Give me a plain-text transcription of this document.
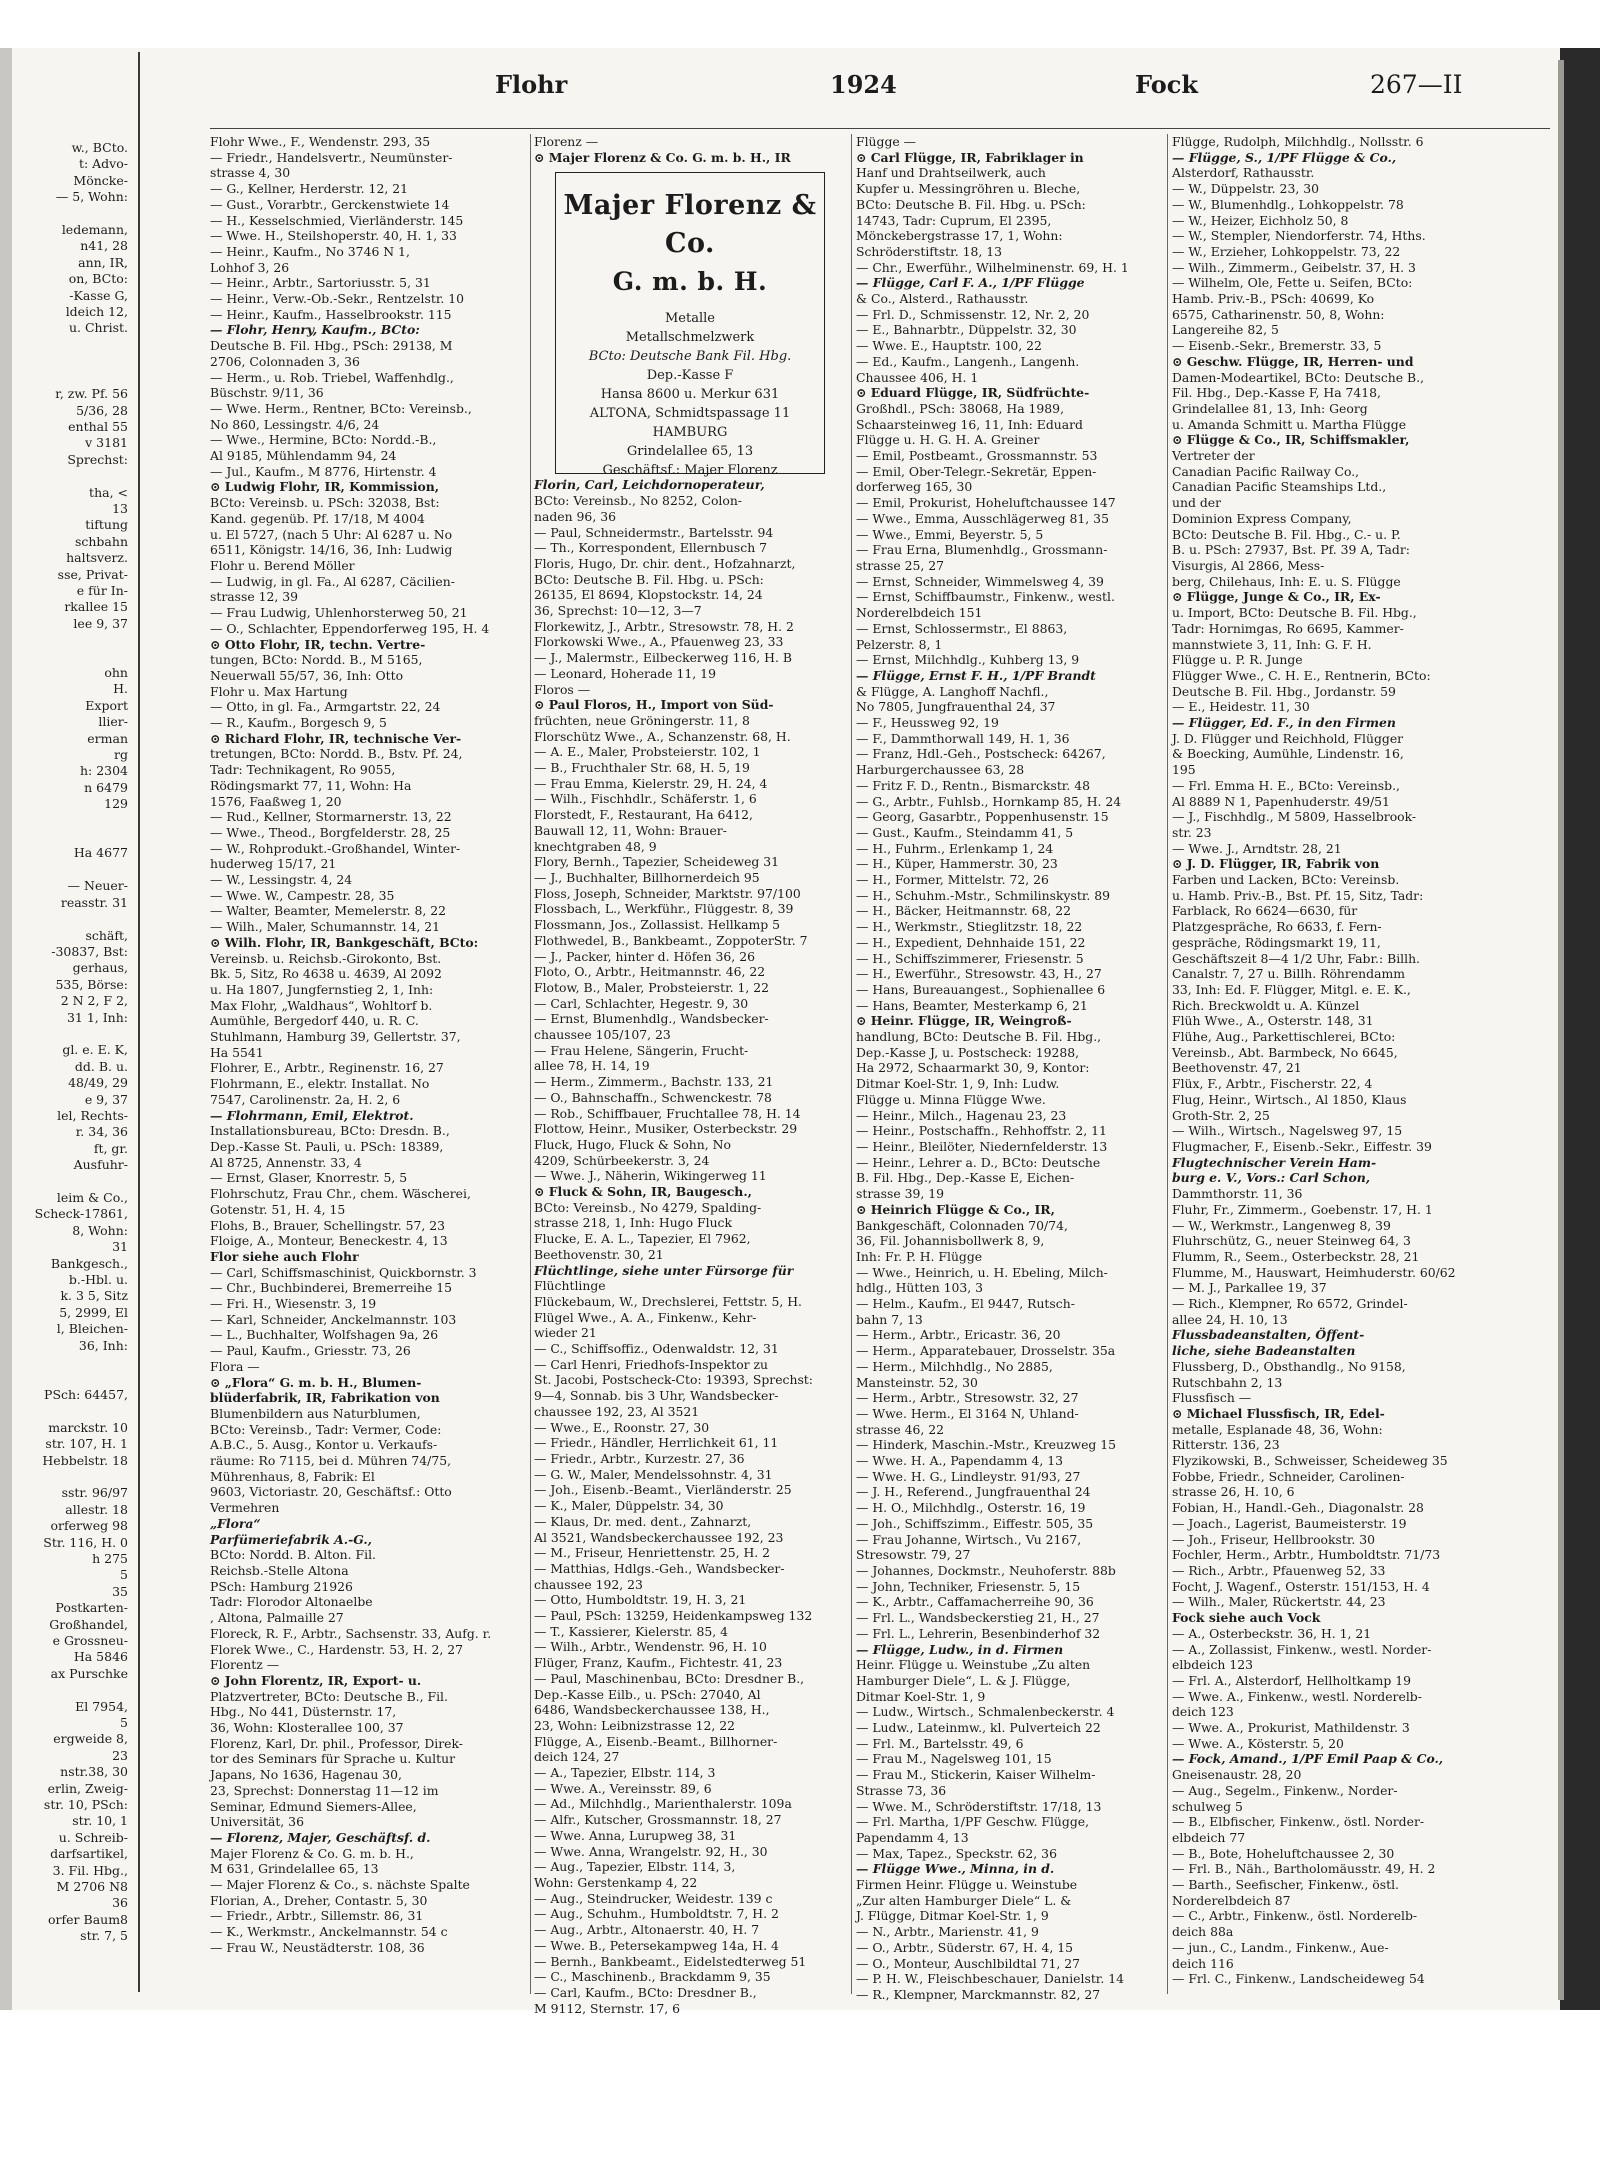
w., BCto.
t: Advo-
Möncke-
— 5, Wohn:

ledemann,
n41, 28
ann, IR,
on, BCto:
-Kasse G,
ldeich 12,
u. Christ.

r, zw. Pf. 56
5/36, 28
enthal 55
v 3181
Sprechst:

tha, <
13
tiftung
schbahn
haltsverz.
sse, Privat-
e für In-
rkallee 15
lee 9, 37

ohn
H.
Export
llier-
erman
rg
h: 2304
n 6479
129

Ha 4677

— Neuer-
reasstr. 31

schäft,
-30837, Bst:
gerhaus,
535, Börse:
2 N 2, F 2,
31 1, Inh:

gl. e. E. K,
dd. B. u.
48/49, 29
e 9, 37
lel, Rechts-
r. 34, 36
ft, gr.
Ausfuhr-

leim & Co.,
Scheck-17861,
8, Wohn:
31
Bankgesch.,
b.-Hbl. u.
k. 3 5, Sitz
5, 2999, El
l, Bleichen-
36, Inh:

PSch: 64457,

marckstr. 10
str. 107, H. 1
Hebbelstr. 18

sstr. 96/97
allestr. 18
orferweg 98
Str. 116, H. 0
h 275
5
35
Postkarten-
Großhandel,
e Grossneu-
Ha 5846
ax Purschke

El 7954,
5
ergweide 8,
23
nstr.38, 30
erlin, Zweig-
str. 10, PSch:
str. 10, 1
u. Schreib-
darfsartikel,
3. Fil. Hbg.,
M 2706 N8
36
orfer Baum8
str. 7, 5
Flohr	1924	Fock	267—II
Flohr Wwe., F., Wendenstr. 293, 35
— Friedr., Handelsvertr., Neumünster-
strasse 4, 30
— G., Kellner, Herderstr. 12, 21
— Gust., Vorarbtr., Gerckenstwiete 14
— H., Kesselschmied, Vierländerstr. 145
— Wwe. H., Steilshoperstr. 40, H. 1, 33
— Heinr., Kaufm., No 3746 N 1,
Lohhof 3, 26
— Heinr., Arbtr., Sartoriusstr. 5, 31
— Heinr., Verw.-Ob.-Sekr., Rentzelstr. 10
— Heinr., Kaufm., Hasselbrookstr. 115
— Flohr, Henry, Kaufm., BCto:
Deutsche B. Fil. Hbg., PSch: 29138, M
2706, Colonnaden 3, 36
— Herm., u. Rob. Triebel, Waffenhdlg.,
Büschstr. 9/11, 36
— Wwe. Herm., Rentner, BCto: Vereinsb.,
No 860, Lessingstr. 4/6, 24
— Wwe., Hermine, BCto: Nordd.-B.,
Al 9185, Mühlendamm 94, 24
— Jul., Kaufm., M 8776, Hirtenstr. 4
⊙ Ludwig Flohr, IR, Kommission,
BCto: Vereinsb. u. PSch: 32038, Bst:
Kand. gegenüb. Pf. 17/18, M 4004
u. El 5727, (nach 5 Uhr: Al 6287 u. No
6511, Königstr. 14/16, 36, Inh: Ludwig
Flohr u. Berend Möller
— Ludwig, in gl. Fa., Al 6287, Cäcilien-
strasse 12, 39
— Frau Ludwig, Uhlenhorsterweg 50, 21
— O., Schlachter, Eppendorferweg 195, H. 4
⊙ Otto Flohr, IR, techn. Vertre-
tungen, BCto: Nordd. B., M 5165,
Neuerwall 55/57, 36, Inh: Otto
Flohr u. Max Hartung
— Otto, in gl. Fa., Armgartstr. 22, 24
— R., Kaufm., Borgesch 9, 5
⊙ Richard Flohr, IR, technische Ver-
tretungen, BCto: Nordd. B., Bstv. Pf. 24,
Tadr: Technikagent, Ro 9055,
Rödingsmarkt 77, 11, Wohn: Ha
1576, Faaßweg 1, 20
— Rud., Kellner, Stormarnerstr. 13, 22
— Wwe., Theod., Borgfelderstr. 28, 25
— W., Rohprodukt.-Großhandel, Winter-
huderweg 15/17, 21
— W., Lessingstr. 4, 24
— Wwe. W., Campestr. 28, 35
— Walter, Beamter, Memelerstr. 8, 22
— Wilh., Maler, Schumannstr. 14, 21
⊙ Wilh. Flohr, IR, Bankgeschäft, BCto:
Vereinsb. u. Reichsb.-Girokonto, Bst.
Bk. 5, Sitz, Ro 4638 u. 4639, Al 2092
u. Ha 1807, Jungfernstieg 2, 1, Inh:
Max Flohr, „Waldhaus“, Wohltorf b.
Aumühle, Bergedorf 440, u. R. C.
Stuhlmann, Hamburg 39, Gellertstr. 37,
Ha 5541
Flohrer, E., Arbtr., Reginenstr. 16, 27
Flohrmann, E., elektr. Installat. No
7547, Carolinenstr. 2a, H. 2, 6
— Flohrmann, Emil, Elektrot.
Installationsbureau, BCto: Dresdn. B.,
Dep.-Kasse St. Pauli, u. PSch: 18389,
Al 8725, Annenstr. 33, 4
— Ernst, Glaser, Knorrestr. 5, 5
Flohrschutz, Frau Chr., chem. Wäscherei,
Gotenstr. 51, H. 4, 15
Flohs, B., Brauer, Schellingstr. 57, 23
Floige, A., Monteur, Beneckestr. 4, 13
Flor siehe auch Flohr
— Carl, Schiffsmaschinist, Quickbornstr. 3
— Chr., Buchbinderei, Bremerreihe 15
— Fri. H., Wiesenstr. 3, 19
— Karl, Schneider, Anckelmannstr. 103
— L., Buchhalter, Wolfshagen 9a, 26
— Paul, Kaufm., Griesstr. 73, 26
Flora —
⊙ „Flora“ G. m. b. H., Blumen-
blüderfabrik, IR, Fabrikation von
Blumenbildern aus Naturblumen,
BCto: Vereinsb., Tadr: Vermer, Code:
A.B.C., 5. Ausg., Kontor u. Verkaufs-
räume: Ro 7115, bei d. Mühren 74/75,
Mührenhaus, 8, Fabrik: El
9603, Victoriastr. 20, Geschäftsf.: Otto
Vermehren
„Flora“
Parfümeriefabrik A.-G.,
BCto: Nordd. B. Alton. Fil.
Reichsb.-Stelle Altona
PSch: Hamburg 21926
Tadr: Florodor Altonaelbe
, Altona, Palmaille 27
Floreck, R. F., Arbtr., Sachsenstr. 33, Aufg. r.
Florek Wwe., C., Hardenstr. 53, H. 2, 27
Florentz —
⊙ John Florentz, IR, Export- u.
Platzvertreter, BCto: Deutsche B., Fil.
Hbg., No 441, Düsternstr. 17,
36, Wohn: Klosterallee 100, 37
Florenz, Karl, Dr. phil., Professor, Direk-
tor des Seminars für Sprache u. Kultur
Japans, No 1636, Hagenau 30,
23, Sprechst: Donnerstag 11—12 im
Seminar, Edmund Siemers-Allee,
Universität, 36
— Florenz, Majer, Geschäftsf. d.
Majer Florenz & Co. G. m. b. H.,
M 631, Grindelallee 65, 13
— Majer Florenz & Co., s. nächste Spalte
Florian, A., Dreher, Contastr. 5, 30
— Friedr., Arbtr., Sillemstr. 86, 31
— K., Werkmstr., Anckelmannstr. 54 c
— Frau W., Neustädterstr. 108, 36
Florenz —
⊙ Majer Florenz & Co. G. m. b. H., IR
Florin, Carl, Leichdornoperateur,
BCto: Vereinsb., No 8252, Colon-
naden 96, 36
— Paul, Schneidermstr., Bartelsstr. 94
— Th., Korrespondent, Ellernbusch 7
Floris, Hugo, Dr. chir. dent., Hofzahnarzt,
BCto: Deutsche B. Fil. Hbg. u. PSch:
26135, El 8694, Klopstockstr. 14, 24
36, Sprechst: 10—12, 3—7
Florkewitz, J., Arbtr., Stresowstr. 78, H. 2
Florkowski Wwe., A., Pfauenweg 23, 33
— J., Malermstr., Eilbeckerweg 116, H. B
— Leonard, Hoherade 11, 19
Floros —
⊙ Paul Floros, H., Import von Süd-
früchten, neue Gröningerstr. 11, 8
Florschütz Wwe., A., Schanzenstr. 68, H.
— A. E., Maler, Probsteierstr. 102, 1
— B., Fruchthaler Str. 68, H. 5, 19
— Frau Emma, Kielerstr. 29, H. 24, 4
— Wilh., Fischhdlr., Schäferstr. 1, 6
Florstedt, F., Restaurant, Ha 6412,
Bauwall 12, 11, Wohn: Brauer-
knechtgraben 48, 9
Flory, Bernh., Tapezier, Scheideweg 31
— J., Buchhalter, Billhornerdeich 95
Floss, Joseph, Schneider, Marktstr. 97/100
Flossbach, L., Werkführ., Flüggestr. 8, 39
Flossmann, Jos., Zollassist. Hellkamp 5
Flothwedel, B., Bankbeamt., ZoppoterStr. 7
— J., Packer, hinter d. Höfen 36, 26
Floto, O., Arbtr., Heitmannstr. 46, 22
Flotow, B., Maler, Probsteierstr. 1, 22
— Carl, Schlachter, Hegestr. 9, 30
— Ernst, Blumenhdlg., Wandsbecker-
chaussee 105/107, 23
— Frau Helene, Sängerin, Frucht-
allee 78, H. 14, 19
— Herm., Zimmerm., Bachstr. 133, 21
— O., Bahnschaffn., Schwenckestr. 78
— Rob., Schiffbauer, Fruchtallee 78, H. 14
Flottow, Heinr., Musiker, Osterbeckstr. 29
Fluck, Hugo, Fluck & Sohn, No
4209, Schürbeekerstr. 3, 24
— Wwe. J., Näherin, Wikingerweg 11
⊙ Fluck & Sohn, IR, Baugesch.,
BCto: Vereinsb., No 4279, Spalding-
strasse 218, 1, Inh: Hugo Fluck
Flucke, E. A. L., Tapezier, El 7962,
Beethovenstr. 30, 21
Flüchtlinge, siehe unter Fürsorge für
Flüchtlinge
Flückebaum, W., Drechslerei, Fettstr. 5, H.
Flügel Wwe., A. A., Finkenw., Kehr-
wieder 21
— C., Schiffsoffiz., Odenwaldstr. 12, 31
— Carl Henri, Friedhofs-Inspektor zu
St. Jacobi, Postscheck-Cto: 19393, Sprechst:
9—4, Sonnab. bis 3 Uhr, Wandsbecker-
chaussee 192, 23, Al 3521
— Wwe., E., Roonstr. 27, 30
— Friedr., Händler, Herrlichkeit 61, 11
— Friedr., Arbtr., Kurzestr. 27, 36
— G. W., Maler, Mendelssohnstr. 4, 31
— Joh., Eisenb.-Beamt., Vierländerstr. 25
— K., Maler, Düppelstr. 34, 30
— Klaus, Dr. med. dent., Zahnarzt,
Al 3521, Wandsbeckerchaussee 192, 23
— M., Friseur, Henriettenstr. 25, H. 2
— Matthias, Hdlgs.-Geh., Wandsbecker-
chaussee 192, 23
— Otto, Humboldtstr. 19, H. 3, 21
— Paul, PSch: 13259, Heidenkampsweg 132
— T., Kassierer, Kielerstr. 85, 4
— Wilh., Arbtr., Wendenstr. 96, H. 10
Flüger, Franz, Kaufm., Fichtestr. 41, 23
— Paul, Maschinenbau, BCto: Dresdner B.,
Dep.-Kasse Eilb., u. PSch: 27040, Al
6486, Wandsbeckerchaussee 138, H.,
23, Wohn: Leibnizstrasse 12, 22
Flügge, A., Eisenb.-Beamt., Billhorner-
deich 124, 27
— A., Tapezier, Elbstr. 114, 3
— Wwe. A., Vereinsstr. 89, 6
— Ad., Milchhdlg., Marienthalerstr. 109a
— Alfr., Kutscher, Grossmannstr. 18, 27
— Wwe. Anna, Lurupweg 38, 31
— Wwe. Anna, Wrangelstr. 92, H., 30
— Aug., Tapezier, Elbstr. 114, 3,
Wohn: Gerstenkamp 4, 22
— Aug., Steindrucker, Weidestr. 139 c
— Aug., Schuhm., Humboldtstr. 7, H. 2
— Aug., Arbtr., Altonaerstr. 40, H. 7
— Wwe. B., Petersekampweg 14a, H. 4
— Bernh., Bankbeamt., Eidelstedterweg 51
— C., Maschinenb., Brackdamm 9, 35
— Carl, Kaufm., BCto: Dresdner B.,
M 9112, Sternstr. 17, 6
Majer Florenz & Co.
G. m. b. H.
Metalle
Metallschmelzwerk
BCto: Deutsche Bank Fil. Hbg.
Dep.-Kasse F
Hansa 8600 u. Merkur 631
ALTONA, Schmidtspassage 11
HAMBURG
Grindelallee 65, 13
Geschäftsf.: Majer Florenz
Flügge —
⊙ Carl Flügge, IR, Fabriklager in
Hanf und Drahtseilwerk, auch
Kupfer u. Messingröhren u. Bleche,
BCto: Deutsche B. Fil. Hbg. u. PSch:
14743, Tadr: Cuprum, El 2395,
Mönckebergstrasse 17, 1, Wohn:
Schröderstiftstr. 18, 13
— Chr., Ewerführ., Wilhelminenstr. 69, H. 1
— Flügge, Carl F. A., 1/PF Flügge
& Co., Alsterd., Rathausstr.
— Frl. D., Schmissenstr. 12, Nr. 2, 20
— E., Bahnarbtr., Düppelstr. 32, 30
— Wwe. E., Hauptstr. 100, 22
— Ed., Kaufm., Langenh., Langenh.
Chaussee 406, H. 1
⊙ Eduard Flügge, IR, Südfrüchte-
Großhdl., PSch: 38068, Ha 1989,
Schaarsteinweg 16, 11, Inh: Eduard
Flügge u. H. G. H. A. Greiner
— Emil, Postbeamt., Grossmannstr. 53
— Emil, Ober-Telegr.-Sekretär, Eppen-
dorferweg 165, 30
— Emil, Prokurist, Hoheluftchaussee 147
— Wwe., Emma, Ausschlägerweg 81, 35
— Wwe., Emmi, Beyerstr. 5, 5
— Frau Erna, Blumenhdlg., Grossmann-
strasse 25, 27
— Ernst, Schneider, Wimmelsweg 4, 39
— Ernst, Schiffbaumstr., Finkenw., westl.
Norderelbdeich 151
— Ernst, Schlossermstr., El 8863,
Pelzerstr. 8, 1
— Ernst, Milchhdlg., Kuhberg 13, 9
— Flügge, Ernst F. H., 1/PF Brandt
& Flügge, A. Langhoff Nachfl.,
No 7805, Jungfrauenthal 24, 37
— F., Heussweg 92, 19
— F., Dammthorwall 149, H. 1, 36
— Franz, Hdl.-Geh., Postscheck: 64267,
Harburgerchaussee 63, 28
— Fritz F. D., Rentn., Bismarckstr. 48
— G., Arbtr., Fuhlsb., Hornkamp 85, H. 24
— Georg, Gasarbtr., Poppenhusenstr. 15
— Gust., Kaufm., Steindamm 41, 5
— H., Fuhrm., Erlenkamp 1, 24
— H., Küper, Hammerstr. 30, 23
— H., Former, Mittelstr. 72, 26
— H., Schuhm.-Mstr., Schmilinskystr. 89
— H., Bäcker, Heitmannstr. 68, 22
— H., Werkmstr., Stieglitzstr. 18, 22
— H., Expedient, Dehnhaide 151, 22
— H., Schiffszimmerer, Friesenstr. 5
— H., Ewerführ., Stresowstr. 43, H., 27
— Hans, Bureauangest., Sophienallee 6
— Hans, Beamter, Mesterkamp 6, 21
⊙ Heinr. Flügge, IR, Weingroß-
handlung, BCto: Deutsche B. Fil. Hbg.,
Dep.-Kasse J, u. Postscheck: 19288,
Ha 2972, Schaarmarkt 30, 9, Kontor:
Ditmar Koel-Str. 1, 9, Inh: Ludw.
Flügge u. Minna Flügge Wwe.
— Heinr., Milch., Hagenau 23, 23
— Heinr., Postschaffn., Rehhoffstr. 2, 11
— Heinr., Bleilöter, Niedernfelderstr. 13
— Heinr., Lehrer a. D., BCto: Deutsche
B. Fil. Hbg., Dep.-Kasse E, Eichen-
strasse 39, 19
⊙ Heinrich Flügge & Co., IR,
Bankgeschäft, Colonnaden 70/74,
36, Fil. Johannisbollwerk 8, 9,
Inh: Fr. P. H. Flügge
— Wwe., Heinrich, u. H. Ebeling, Milch-
hdlg., Hütten 103, 3
— Helm., Kaufm., El 9447, Rutsch-
bahn 7, 13
— Herm., Arbtr., Ericastr. 36, 20
— Herm., Apparatebauer, Drosselstr. 35a
— Herm., Milchhdlg., No 2885,
Mansteinstr. 52, 30
— Herm., Arbtr., Stresowstr. 32, 27
— Wwe. Herm., El 3164 N, Uhland-
strasse 46, 22
— Hinderk, Maschin.-Mstr., Kreuzweg 15
— Wwe. H. A., Papendamm 4, 13
— Wwe. H. G., Lindleystr. 91/93, 27
— J. H., Referend., Jungfrauenthal 24
— H. O., Milchhdlg., Osterstr. 16, 19
— Joh., Schiffszimm., Eiffestr. 505, 35
— Frau Johanne, Wirtsch., Vu 2167,
Stresowstr. 79, 27
— Johannes, Dockmstr., Neuhoferstr. 88b
— John, Techniker, Friesenstr. 5, 15
— K., Arbtr., Caffamacherreihe 90, 36
— Frl. L., Wandsbeckerstieg 21, H., 27
— Frl. L., Lehrerin, Besenbinderhof 32
— Flügge, Ludw., in d. Firmen
Heinr. Flügge u. Weinstube „Zu alten
Hamburger Diele“, L. & J. Flügge,
Ditmar Koel-Str. 1, 9
— Ludw., Wirtsch., Schmalenbeckerstr. 4
— Ludw., Lateinmw., kl. Pulverteich 22
— Frl. M., Bartelsstr. 49, 6
— Frau M., Nagelsweg 101, 15
— Frau M., Stickerin, Kaiser Wilhelm-
Strasse 73, 36
— Wwe. M., Schröderstiftstr. 17/18, 13
— Frl. Martha, 1/PF Geschw. Flügge,
Papendamm 4, 13
— Max, Tapez., Speckstr. 62, 36
— Flügge Wwe., Minna, in d.
Firmen Heinr. Flügge u. Weinstube
„Zur alten Hamburger Diele“ L. &
J. Flügge, Ditmar Koel-Str. 1, 9
— N., Arbtr., Marienstr. 41, 9
— O., Arbtr., Süderstr. 67, H. 4, 15
— O., Monteur, Auschlbildtal 71, 27
— P. H. W., Fleischbeschauer, Danielstr. 14
— R., Klempner, Marckmannstr. 82, 27
Flügge, Rudolph, Milchhdlg., Nollsstr. 6
— Flügge, S., 1/PF Flügge & Co.,
Alsterdorf, Rathausstr.
— W., Düppelstr. 23, 30
— W., Blumenhdlg., Lohkoppelstr. 78
— W., Heizer, Eichholz 50, 8
— W., Stempler, Niendorferstr. 74, Hths.
— W., Erzieher, Lohkoppelstr. 73, 22
— Wilh., Zimmerm., Geibelstr. 37, H. 3
— Wilhelm, Ole, Fette u. Seifen, BCto:
Hamb. Priv.-B., PSch: 40699, Ko
6575, Catharinenstr. 50, 8, Wohn:
Langereihe 82, 5
— Eisenb.-Sekr., Bremerstr. 33, 5
⊙ Geschw. Flügge, IR, Herren- und
Damen-Modeartikel, BCto: Deutsche B.,
Fil. Hbg., Dep.-Kasse F, Ha 7418,
Grindelallee 81, 13, Inh: Georg
u. Amanda Schmitt u. Martha Flügge
⊙ Flügge & Co., IR, Schiffsmakler,
Vertreter der
Canadian Pacific Railway Co.,
Canadian Pacific Steamships Ltd.,
und der
Dominion Express Company,
BCto: Deutsche B. Fil. Hbg., C.- u. P.
B. u. PSch: 27937, Bst. Pf. 39 A, Tadr:
Visurgis, Al 2866, Mess-
berg, Chilehaus, Inh: E. u. S. Flügge
⊙ Flügge, Junge & Co., IR, Ex-
u. Import, BCto: Deutsche B. Fil. Hbg.,
Tadr: Hornimgas, Ro 6695, Kammer-
mannstwiete 3, 11, Inh: G. F. H.
Flügge u. P. R. Junge
Flügger Wwe., C. H. E., Rentnerin, BCto:
Deutsche B. Fil. Hbg., Jordanstr. 59
— E., Heidestr. 11, 30
— Flügger, Ed. F., in den Firmen
J. D. Flügger und Reichhold, Flügger
& Boecking, Aumühle, Lindenstr. 16,
195
— Frl. Emma H. E., BCto: Vereinsb.,
Al 8889 N 1, Papenhuderstr. 49/51
— J., Fischhdlg., M 5809, Hasselbrook-
str. 23
— Wwe. J., Arndtstr. 28, 21
⊙ J. D. Flügger, IR, Fabrik von
Farben und Lacken, BCto: Vereinsb.
u. Hamb. Priv.-B., Bst. Pf. 15, Sitz, Tadr:
Farblack, Ro 6624—6630, für
Platzgespräche, Ro 6633, f. Fern-
gespräche, Rödingsmarkt 19, 11,
Geschäftszeit 8—4 1/2 Uhr, Fabr.: Billh.
Canalstr. 7, 27 u. Billh. Röhrendamm
33, Inh: Ed. F. Flügger, Mitgl. e. E. K.,
Rich. Breckwoldt u. A. Künzel
Flüh Wwe., A., Osterstr. 148, 31
Flühe, Aug., Parkettischlerei, BCto:
Vereinsb., Abt. Barmbeck, No 6645,
Beethovenstr. 47, 21
Flüx, F., Arbtr., Fischerstr. 22, 4
Flug, Heinr., Wirtsch., Al 1850, Klaus
Groth-Str. 2, 25
— Wilh., Wirtsch., Nagelsweg 97, 15
Flugmacher, F., Eisenb.-Sekr., Eiffestr. 39
Flugtechnischer Verein Ham-
burg e. V., Vors.: Carl Schon,
Dammthorstr. 11, 36
Fluhr, Fr., Zimmerm., Goebenstr. 17, H. 1
— W., Werkmstr., Langenweg 8, 39
Fluhrschütz, G., neuer Steinweg 64, 3
Flumm, R., Seem., Osterbeckstr. 28, 21
Flumme, M., Hauswart, Heimhuderstr. 60/62
— M. J., Parkallee 19, 37
— Rich., Klempner, Ro 6572, Grindel-
allee 24, H. 10, 13
Flussbadeanstalten, Öffent-
liche, siehe Badeanstalten
Flussberg, D., Obsthandlg., No 9158,
Rutschbahn 2, 13
Flussfisch —
⊙ Michael Flussfisch, IR, Edel-
metalle, Esplanade 48, 36, Wohn:
Ritterstr. 136, 23
Flyzikowski, B., Schweisser, Scheideweg 35
Fobbe, Friedr., Schneider, Carolinen-
strasse 26, H. 10, 6
Fobian, H., Handl.-Geh., Diagonalstr. 28
— Joach., Lagerist, Baumeisterstr. 19
— Joh., Friseur, Hellbrookstr. 30
Fochler, Herm., Arbtr., Humboldtstr. 71/73
— Rich., Arbtr., Pfauenweg 52, 33
Focht, J. Wagenf., Osterstr. 151/153, H. 4
— Wilh., Maler, Rückertstr. 44, 23
Fock siehe auch Vock
— A., Osterbeckstr. 36, H. 1, 21
— A., Zollassist, Finkenw., westl. Norder-
elbdeich 123
— Frl. A., Alsterdorf, Hellholtkamp 19
— Wwe. A., Finkenw., westl. Norderelb-
deich 123
— Wwe. A., Prokurist, Mathildenstr. 3
— Wwe. A., Kösterstr. 5, 20
— Fock, Amand., 1/PF Emil Paap & Co.,
Gneisenaustr. 28, 20
— Aug., Segelm., Finkenw., Norder-
schulweg 5
— B., Elbfischer, Finkenw., östl. Norder-
elbdeich 77
— B., Bote, Hoheluftchaussee 2, 30
— Frl. B., Näh., Bartholomäusstr. 49, H. 2
— Barth., Seefischer, Finkenw., östl.
Norderelbdeich 87
— C., Arbtr., Finkenw., östl. Norderelb-
deich 88a
— jun., C., Landm., Finkenw., Aue-
deich 116
— Frl. C., Finkenw., Landscheideweg 54
